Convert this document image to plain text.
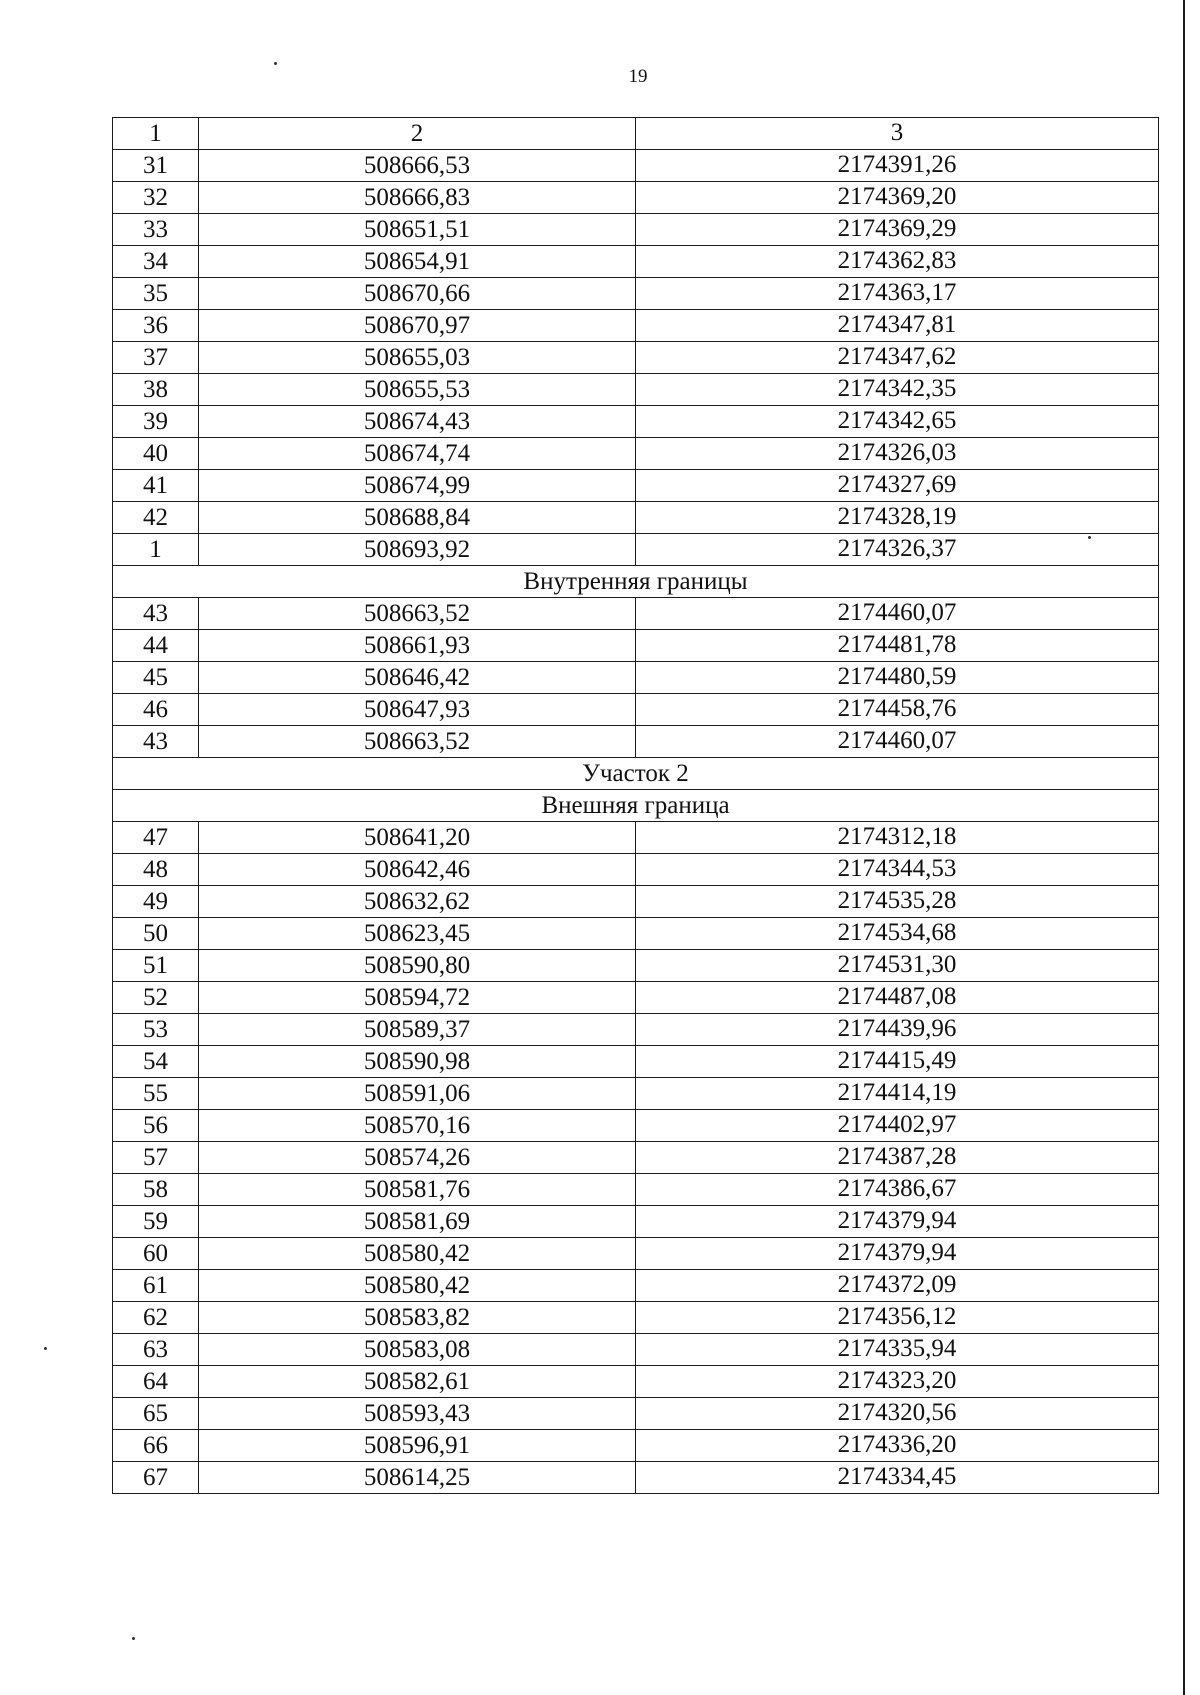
19
1	2	3
31	508666,53	2174391,26
32	508666,83	2174369,20
33	508651,51	2174369,29
34	508654,91	2174362,83
35	508670,66	2174363,17
36	508670,97	2174347,81
37	508655,03	2174347,62
38	508655,53	2174342,35
39	508674,43	2174342,65
40	508674,74	2174326,03
41	508674,99	2174327,69
42	508688,84	2174328,19
1	508693,92	2174326,37
Внутренняя границы		
43	508663,52	2174460,07
44	508661,93	2174481,78
45	508646,42	2174480,59
46	508647,93	2174458,76
43	508663,52	2174460,07
Участок 2		
Внешняя граница		
47	508641,20	2174312,18
48	508642,46	2174344,53
49	508632,62	2174535,28
50	508623,45	2174534,68
51	508590,80	2174531,30
52	508594,72	2174487,08
53	508589,37	2174439,96
54	508590,98	2174415,49
55	508591,06	2174414,19
56	508570,16	2174402,97
57	508574,26	2174387,28
58	508581,76	2174386,67
59	508581,69	2174379,94
60	508580,42	2174379,94
61	508580,42	2174372,09
62	508583,82	2174356,12
63	508583,08	2174335,94
64	508582,61	2174323,20
65	508593,43	2174320,56
66	508596,91	2174336,20
67	508614,25	2174334,45
